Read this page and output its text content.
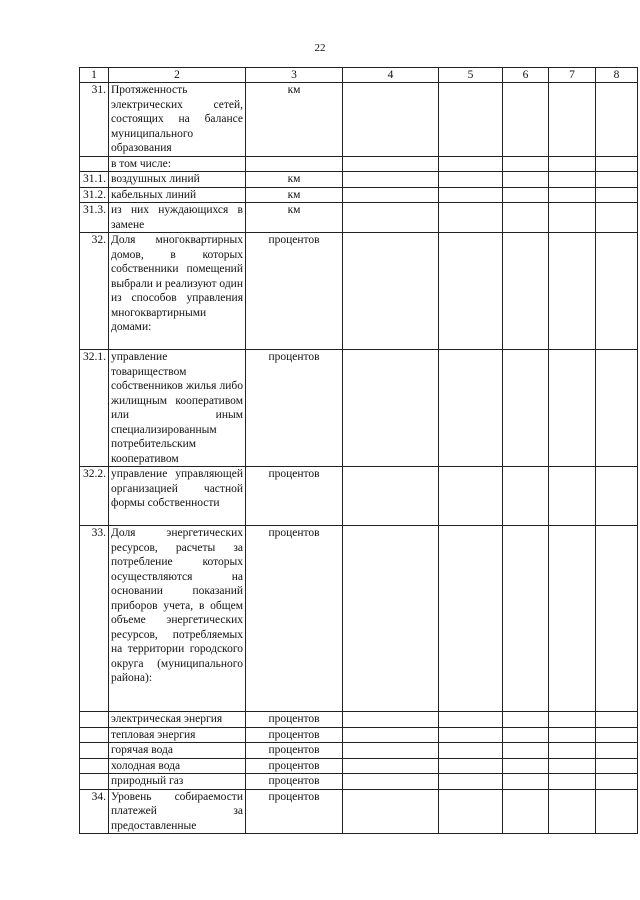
22
1	2	3	4	5	6	7	8
31.	Протяженность электрических сетей, состоящих на балансе муниципального образования	км					
	в том числе:						
31.1.	воздушных линий	км					
31.2.	кабельных линий	км					
31.3.	из них нуждающихся в замене	км					
32.	Доля многоквартирных домов, в которых собственники помещений выбрали и реализуют один из способов управления многоквартирными домами:	процентов					
32.1.	управление товариществом собственников жилья либо жилищным кооперативом или иным специализированным потребительским кооперативом	процентов					
32.2.	управление управляющей организацией частной формы собственности	процентов					
33.	Доля энергетических ресурсов, расчеты за потребление которых осуществляются на основании показаний приборов учета, в общем объеме энергетических ресурсов, потребляемых на территории городского округа (муниципального района):	процентов					
	электрическая энергия	процентов					
	тепловая энергия	процентов					
	горячая вода	процентов					
	холодная вода	процентов					
	природный газ	процентов					
34.	Уровень собираемости платежей за предоставленные	процентов					
